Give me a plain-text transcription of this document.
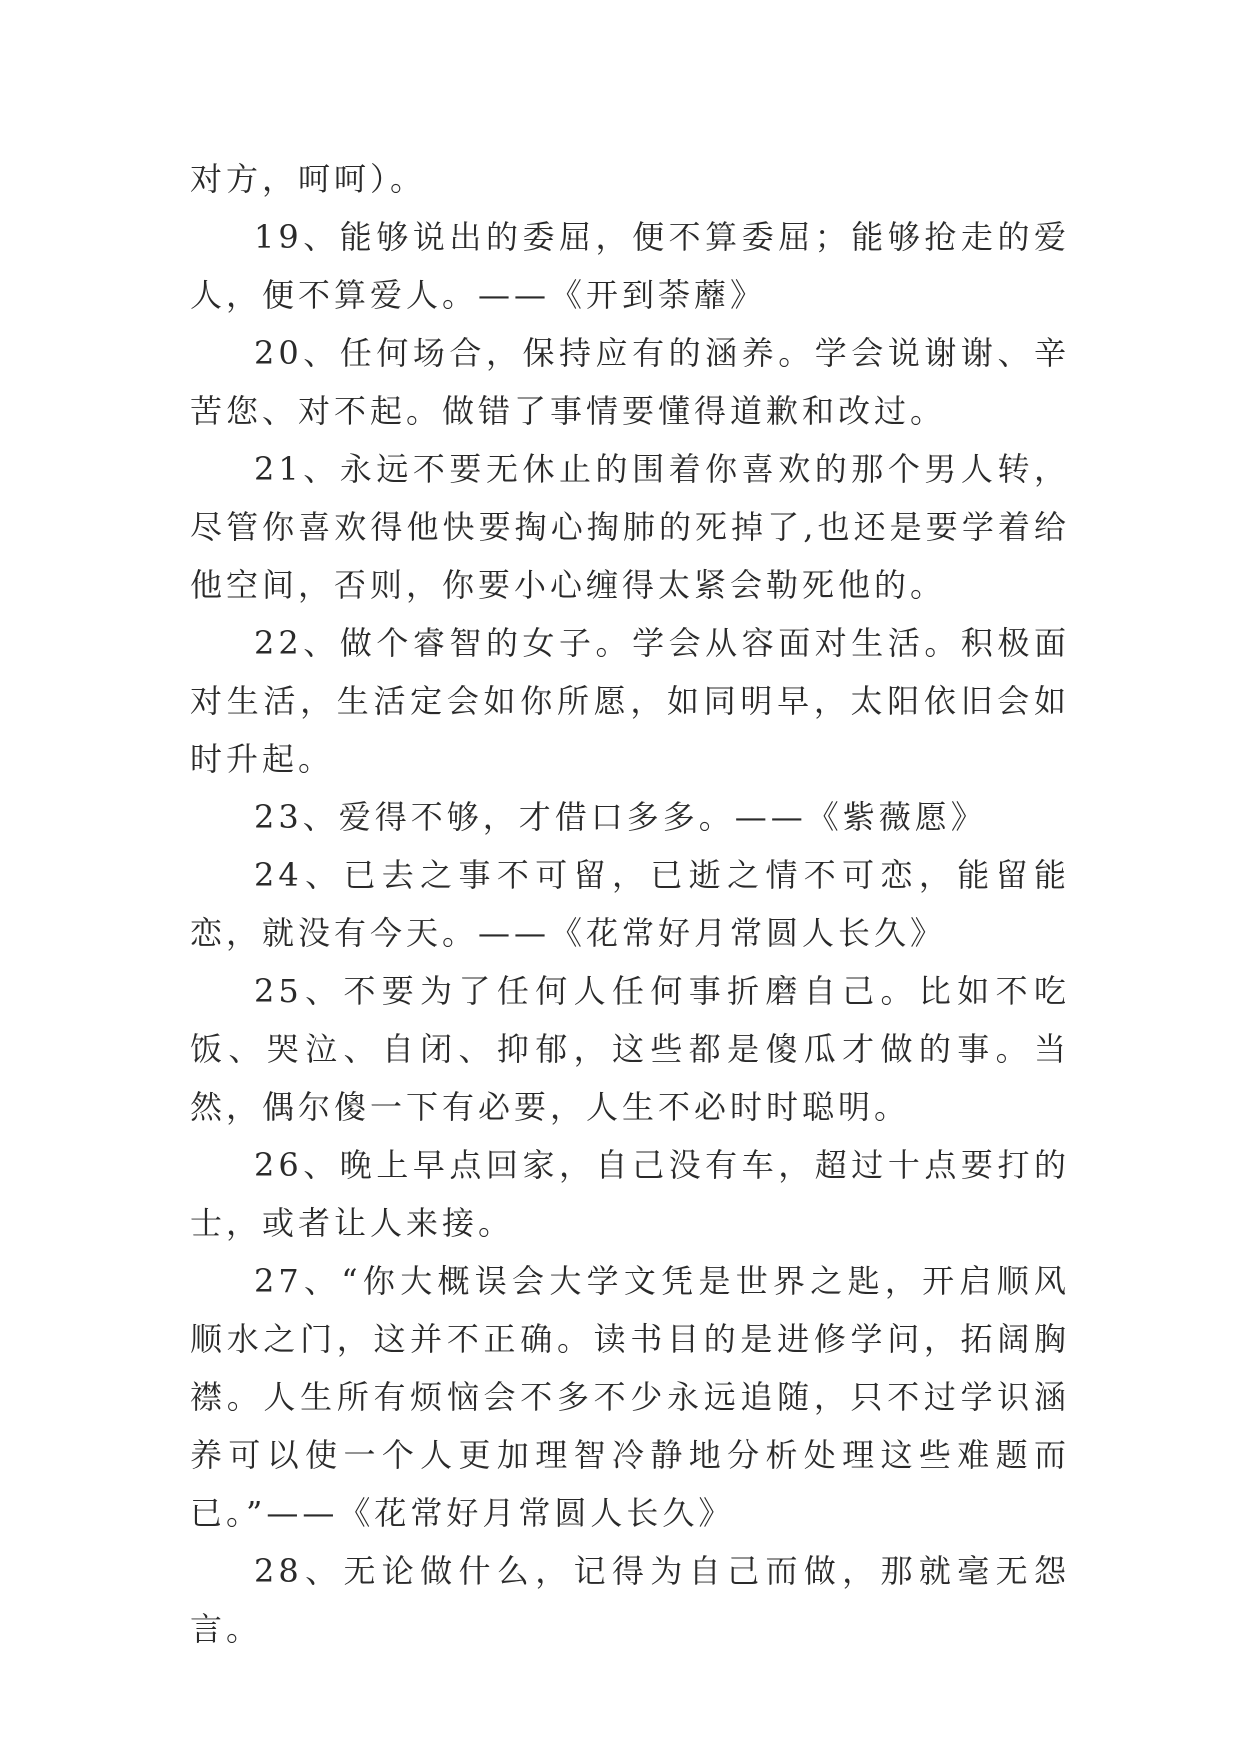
对方，呵呵）。

19、能够说出的委屈，便不算委屈；能够抢走的爱人，便不算爱人。——《开到荼蘼》

20、任何场合，保持应有的涵养。学会说谢谢、辛苦您、对不起。做错了事情要懂得道歉和改过。

21、永远不要无休止的围着你喜欢的那个男人转，尽管你喜欢得他快要掏心掏肺的死掉了,也还是要学着给他空间，否则，你要小心缠得太紧会勒死他的。

22、做个睿智的女子。学会从容面对生活。积极面对生活，生活定会如你所愿，如同明早，太阳依旧会如时升起。

23、爱得不够，才借口多多。——《紫薇愿》

24、已去之事不可留，已逝之情不可恋，能留能恋，就没有今天。——《花常好月常圆人长久》

25、不要为了任何人任何事折磨自己。比如不吃饭、哭泣、自闭、抑郁，这些都是傻瓜才做的事。当然，偶尔傻一下有必要，人生不必时时聪明。

26、晚上早点回家，自己没有车，超过十点要打的士，或者让人来接。

27、“你大概误会大学文凭是世界之匙，开启顺风顺水之门，这并不正确。读书目的是进修学问，拓阔胸襟。人生所有烦恼会不多不少永远追随，只不过学识涵养可以使一个人更加理智冷静地分析处理这些难题而已。”——《花常好月常圆人长久》

28、无论做什么，记得为自己而做，那就毫无怨言。
